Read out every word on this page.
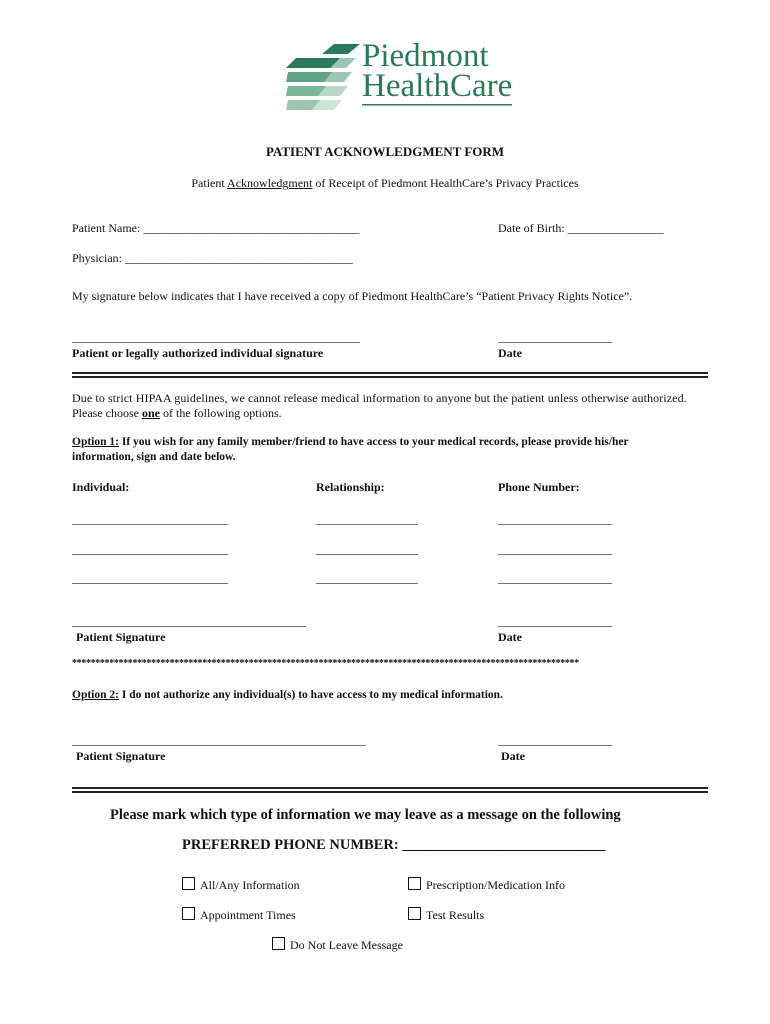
Piedmont
HealthCare
PATIENT ACKNOWLEDGMENT FORM
Patient Acknowledgment of Receipt of Piedmont HealthCare’s Privacy Practices
Patient Name: ____________________________________	Date of Birth: ________________
Physician: ______________________________________
My signature below indicates that I have received a copy of Piedmont HealthCare’s “Patient Privacy Rights Notice”.
________________________________________________
Patient or legally authorized individual signature
___________________
Date
Due to strict HIPAA guidelines, we cannot release medical information to anyone but the patient unless otherwise authorized.
Please choose one of the following options.
Option 1: If you wish for any family member/friend to have access to your medical records, please provide his/her
information, sign and date below.
Individual:	Relationship:	Phone Number:
__________________________	_________________	___________________
__________________________	_________________	___________________
__________________________	_________________	___________________
_______________________________________
Patient Signature
___________________
Date
*************************************************************************************************************
Option 2: I do not authorize any individual(s) to have access to my medical information.
_________________________________________________
Patient Signature
___________________
Date
Please mark which type of information we may leave as a message on the following
PREFERRED PHONE NUMBER: ____________________________
All/Any Information	Prescription/Medication Info
Appointment Times	Test Results
Do Not Leave Message
